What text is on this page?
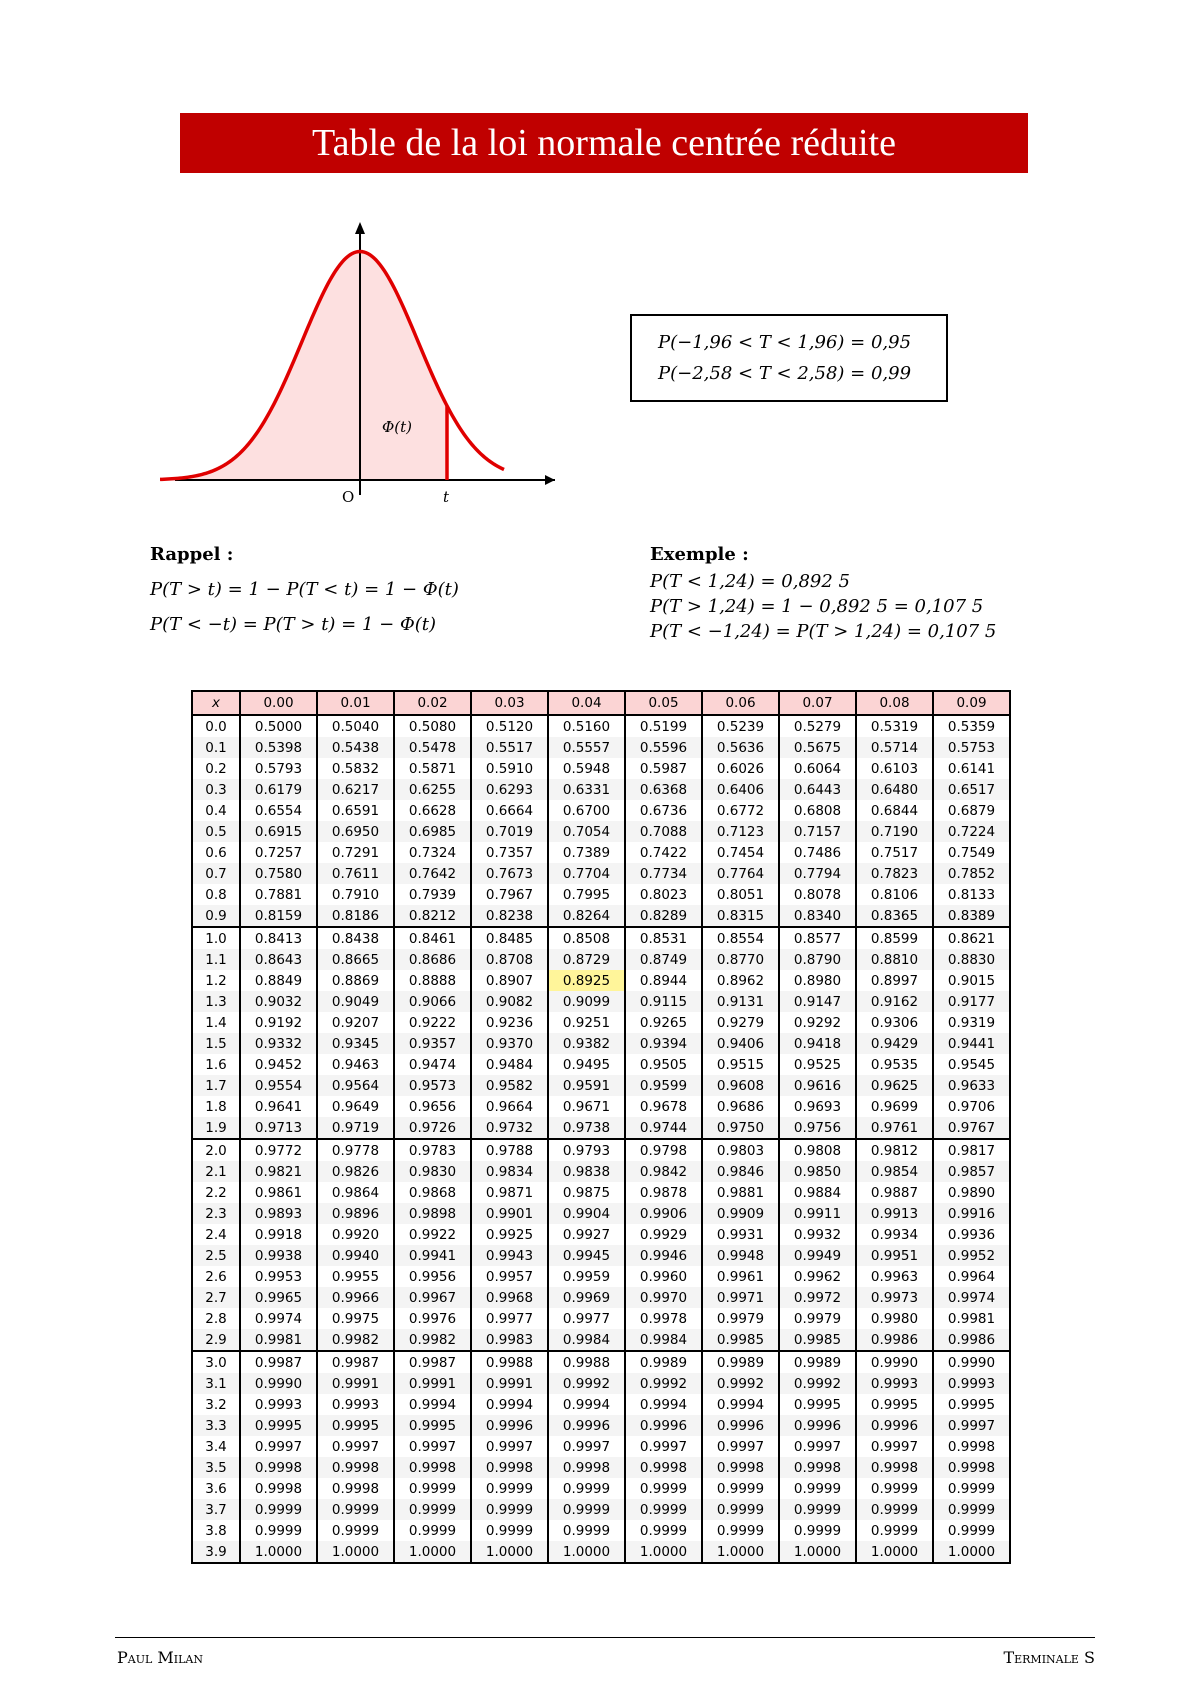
Table de la loi normale centrée réduite
Φ(t)
O	t
P(−1,96 < T < 1,96) = 0,95
P(−2,58 < T < 2,58) = 0,99
Rappel :
P(T > t) = 1 − P(T < t) = 1 − Φ(t)
P(T < −t) = P(T > t) = 1 − Φ(t)
Exemple :
P(T < 1,24) = 0,892 5
P(T > 1,24) = 1 − 0,892 5 = 0,107 5
P(T < −1,24) = P(T > 1,24) = 0,107 5
x	0.00	0.01	0.02	0.03	0.04	0.05	0.06	0.07	0.08	0.09
0.0	0.5000	0.5040	0.5080	0.5120	0.5160	0.5199	0.5239	0.5279	0.5319	0.5359
0.1	0.5398	0.5438	0.5478	0.5517	0.5557	0.5596	0.5636	0.5675	0.5714	0.5753
0.2	0.5793	0.5832	0.5871	0.5910	0.5948	0.5987	0.6026	0.6064	0.6103	0.6141
0.3	0.6179	0.6217	0.6255	0.6293	0.6331	0.6368	0.6406	0.6443	0.6480	0.6517
0.4	0.6554	0.6591	0.6628	0.6664	0.6700	0.6736	0.6772	0.6808	0.6844	0.6879
0.5	0.6915	0.6950	0.6985	0.7019	0.7054	0.7088	0.7123	0.7157	0.7190	0.7224
0.6	0.7257	0.7291	0.7324	0.7357	0.7389	0.7422	0.7454	0.7486	0.7517	0.7549
0.7	0.7580	0.7611	0.7642	0.7673	0.7704	0.7734	0.7764	0.7794	0.7823	0.7852
0.8	0.7881	0.7910	0.7939	0.7967	0.7995	0.8023	0.8051	0.8078	0.8106	0.8133
0.9	0.8159	0.8186	0.8212	0.8238	0.8264	0.8289	0.8315	0.8340	0.8365	0.8389
1.0	0.8413	0.8438	0.8461	0.8485	0.8508	0.8531	0.8554	0.8577	0.8599	0.8621
1.1	0.8643	0.8665	0.8686	0.8708	0.8729	0.8749	0.8770	0.8790	0.8810	0.8830
1.2	0.8849	0.8869	0.8888	0.8907	0.8925	0.8944	0.8962	0.8980	0.8997	0.9015
1.3	0.9032	0.9049	0.9066	0.9082	0.9099	0.9115	0.9131	0.9147	0.9162	0.9177
1.4	0.9192	0.9207	0.9222	0.9236	0.9251	0.9265	0.9279	0.9292	0.9306	0.9319
1.5	0.9332	0.9345	0.9357	0.9370	0.9382	0.9394	0.9406	0.9418	0.9429	0.9441
1.6	0.9452	0.9463	0.9474	0.9484	0.9495	0.9505	0.9515	0.9525	0.9535	0.9545
1.7	0.9554	0.9564	0.9573	0.9582	0.9591	0.9599	0.9608	0.9616	0.9625	0.9633
1.8	0.9641	0.9649	0.9656	0.9664	0.9671	0.9678	0.9686	0.9693	0.9699	0.9706
1.9	0.9713	0.9719	0.9726	0.9732	0.9738	0.9744	0.9750	0.9756	0.9761	0.9767
2.0	0.9772	0.9778	0.9783	0.9788	0.9793	0.9798	0.9803	0.9808	0.9812	0.9817
2.1	0.9821	0.9826	0.9830	0.9834	0.9838	0.9842	0.9846	0.9850	0.9854	0.9857
2.2	0.9861	0.9864	0.9868	0.9871	0.9875	0.9878	0.9881	0.9884	0.9887	0.9890
2.3	0.9893	0.9896	0.9898	0.9901	0.9904	0.9906	0.9909	0.9911	0.9913	0.9916
2.4	0.9918	0.9920	0.9922	0.9925	0.9927	0.9929	0.9931	0.9932	0.9934	0.9936
2.5	0.9938	0.9940	0.9941	0.9943	0.9945	0.9946	0.9948	0.9949	0.9951	0.9952
2.6	0.9953	0.9955	0.9956	0.9957	0.9959	0.9960	0.9961	0.9962	0.9963	0.9964
2.7	0.9965	0.9966	0.9967	0.9968	0.9969	0.9970	0.9971	0.9972	0.9973	0.9974
2.8	0.9974	0.9975	0.9976	0.9977	0.9977	0.9978	0.9979	0.9979	0.9980	0.9981
2.9	0.9981	0.9982	0.9982	0.9983	0.9984	0.9984	0.9985	0.9985	0.9986	0.9986
3.0	0.9987	0.9987	0.9987	0.9988	0.9988	0.9989	0.9989	0.9989	0.9990	0.9990
3.1	0.9990	0.9991	0.9991	0.9991	0.9992	0.9992	0.9992	0.9992	0.9993	0.9993
3.2	0.9993	0.9993	0.9994	0.9994	0.9994	0.9994	0.9994	0.9995	0.9995	0.9995
3.3	0.9995	0.9995	0.9995	0.9996	0.9996	0.9996	0.9996	0.9996	0.9996	0.9997
3.4	0.9997	0.9997	0.9997	0.9997	0.9997	0.9997	0.9997	0.9997	0.9997	0.9998
3.5	0.9998	0.9998	0.9998	0.9998	0.9998	0.9998	0.9998	0.9998	0.9998	0.9998
3.6	0.9998	0.9998	0.9999	0.9999	0.9999	0.9999	0.9999	0.9999	0.9999	0.9999
3.7	0.9999	0.9999	0.9999	0.9999	0.9999	0.9999	0.9999	0.9999	0.9999	0.9999
3.8	0.9999	0.9999	0.9999	0.9999	0.9999	0.9999	0.9999	0.9999	0.9999	0.9999
3.9	1.0000	1.0000	1.0000	1.0000	1.0000	1.0000	1.0000	1.0000	1.0000	1.0000
Paul Milan	Terminale S
